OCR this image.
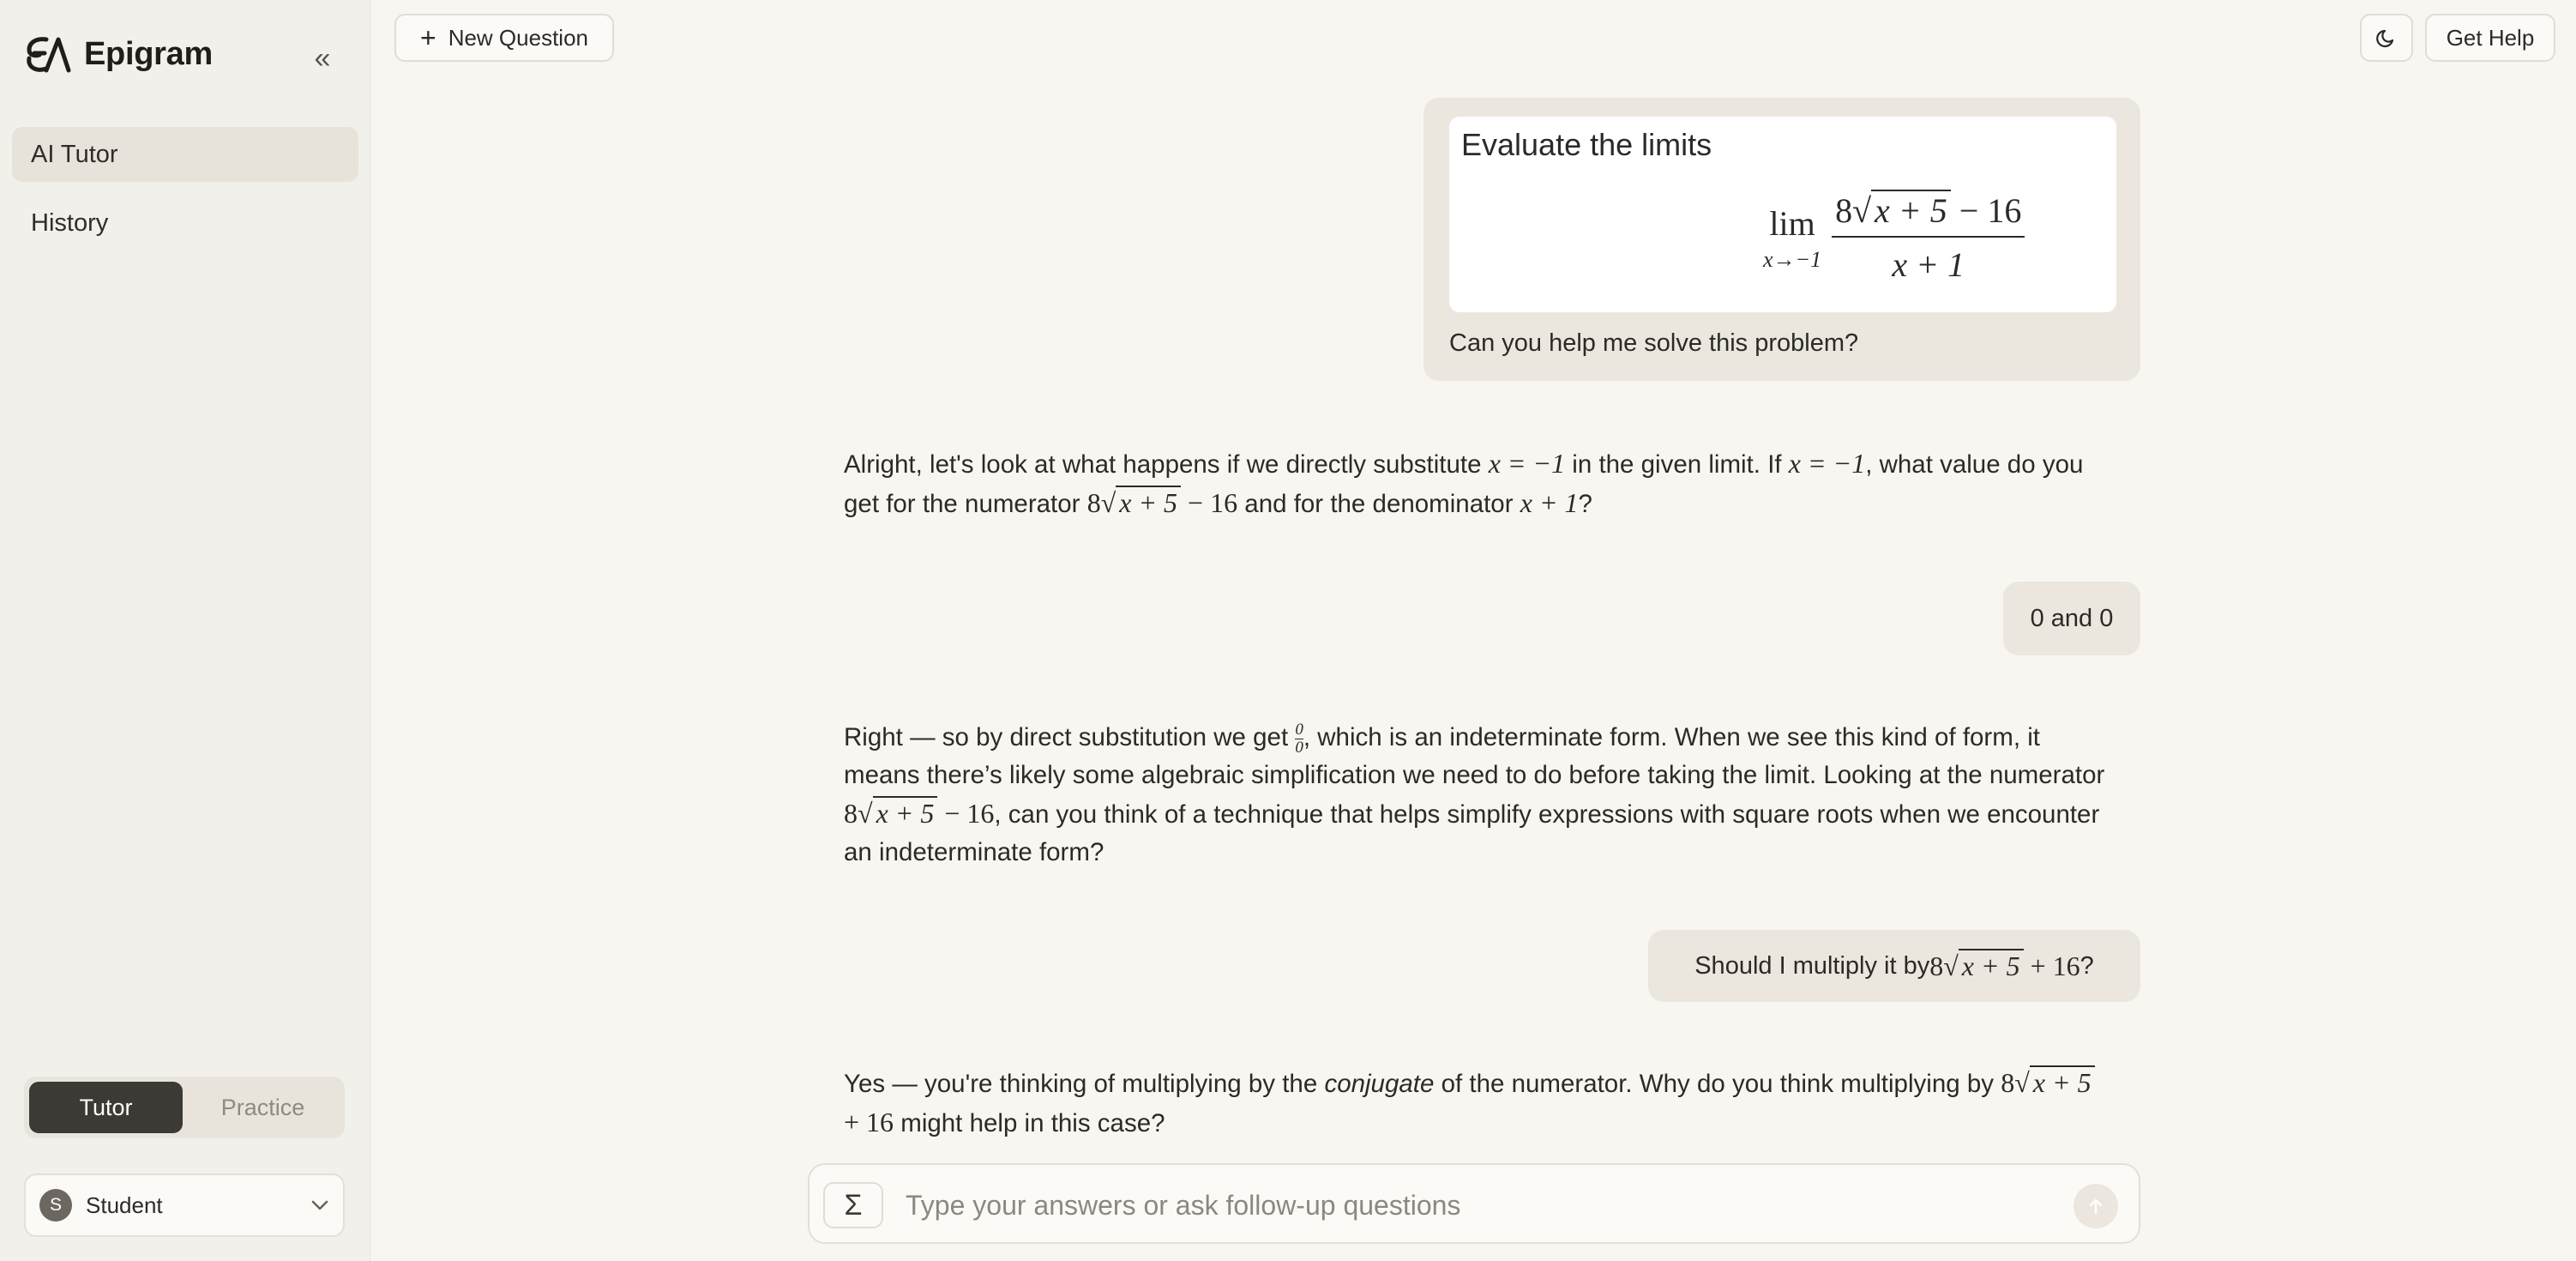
Epigram	«
AI Tutor
History
Tutor	Practice
S	Student
+ New Question	Get Help
Evaluate the limits
lim
$x\to-1 \frac{8√ x + 5 - 16}{x + 1}$
Can you help me solve this problem?
Alright, let's look at what happens if we directly substitute x = −1 in the given limit. If x = −1, what value do you get for the numerator 8√ x + 5 − 16 and for the denominator x + 1?
0 and 0
Right — so by direct substitution we get $\frac{0}{0}$ , which is an indeterminate form. When we see this kind of form, it means there’s likely some algebraic simplification we need to do before taking the limit. Looking at the numerator 8√ x + 5 − 16, can you think of a technique that helps simplify expressions with square roots when we encounter an indeterminate form?
Should I multiply it by 8√ x + 5 + 16 ?
Yes — you're thinking of multiplying by the conjugate of the numerator. Why do you think multiplying by 8√ x + 5 + 16 might help in this case?
Σ
Type your answers or ask follow-up questions
